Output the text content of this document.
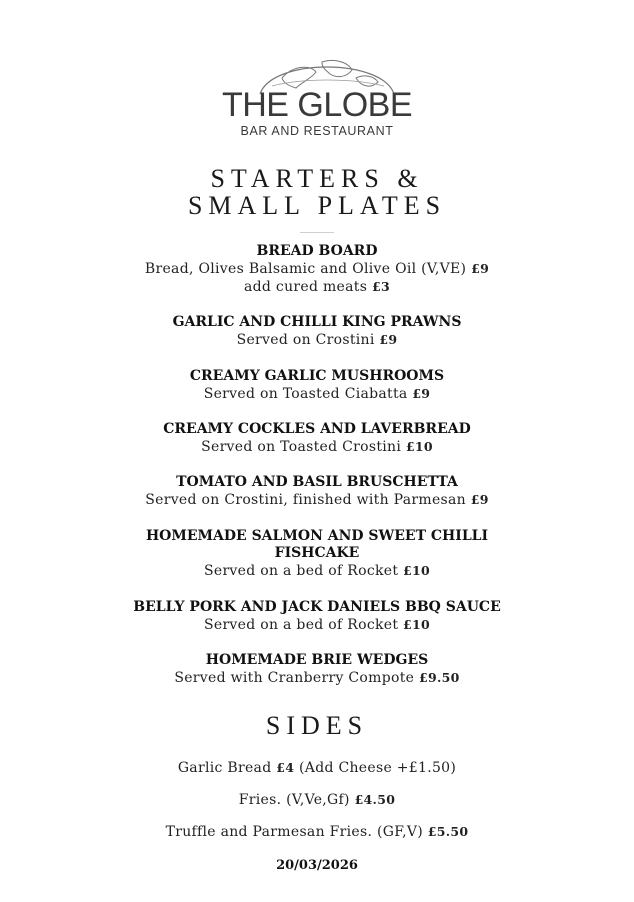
THE GLOBE
BAR AND RESTAURANT
STARTERS &
SMALL PLATES
BREAD BOARD
Bread, Olives Balsamic and Olive Oil (V,VE) £9
add cured meats £3
GARLIC AND CHILLI KING PRAWNS
Served on Crostini £9
CREAMY GARLIC MUSHROOMS
Served on Toasted Ciabatta £9
CREAMY COCKLES AND LAVERBREAD
Served on Toasted Crostini £10
TOMATO AND BASIL BRUSCHETTA
Served on Crostini, finished with Parmesan £9
HOMEMADE SALMON AND SWEET CHILLI
FISHCAKE
Served on a bed of Rocket £10
BELLY PORK AND JACK DANIELS BBQ SAUCE
Served on a bed of Rocket £10
HOMEMADE BRIE WEDGES
Served with Cranberry Compote £9.50
SIDES
Garlic Bread £4 (Add Cheese +£1.50)
Fries. (V,Ve,Gf) £4.50
Truffle and Parmesan Fries. (GF,V) £5.50
20/03/2026
